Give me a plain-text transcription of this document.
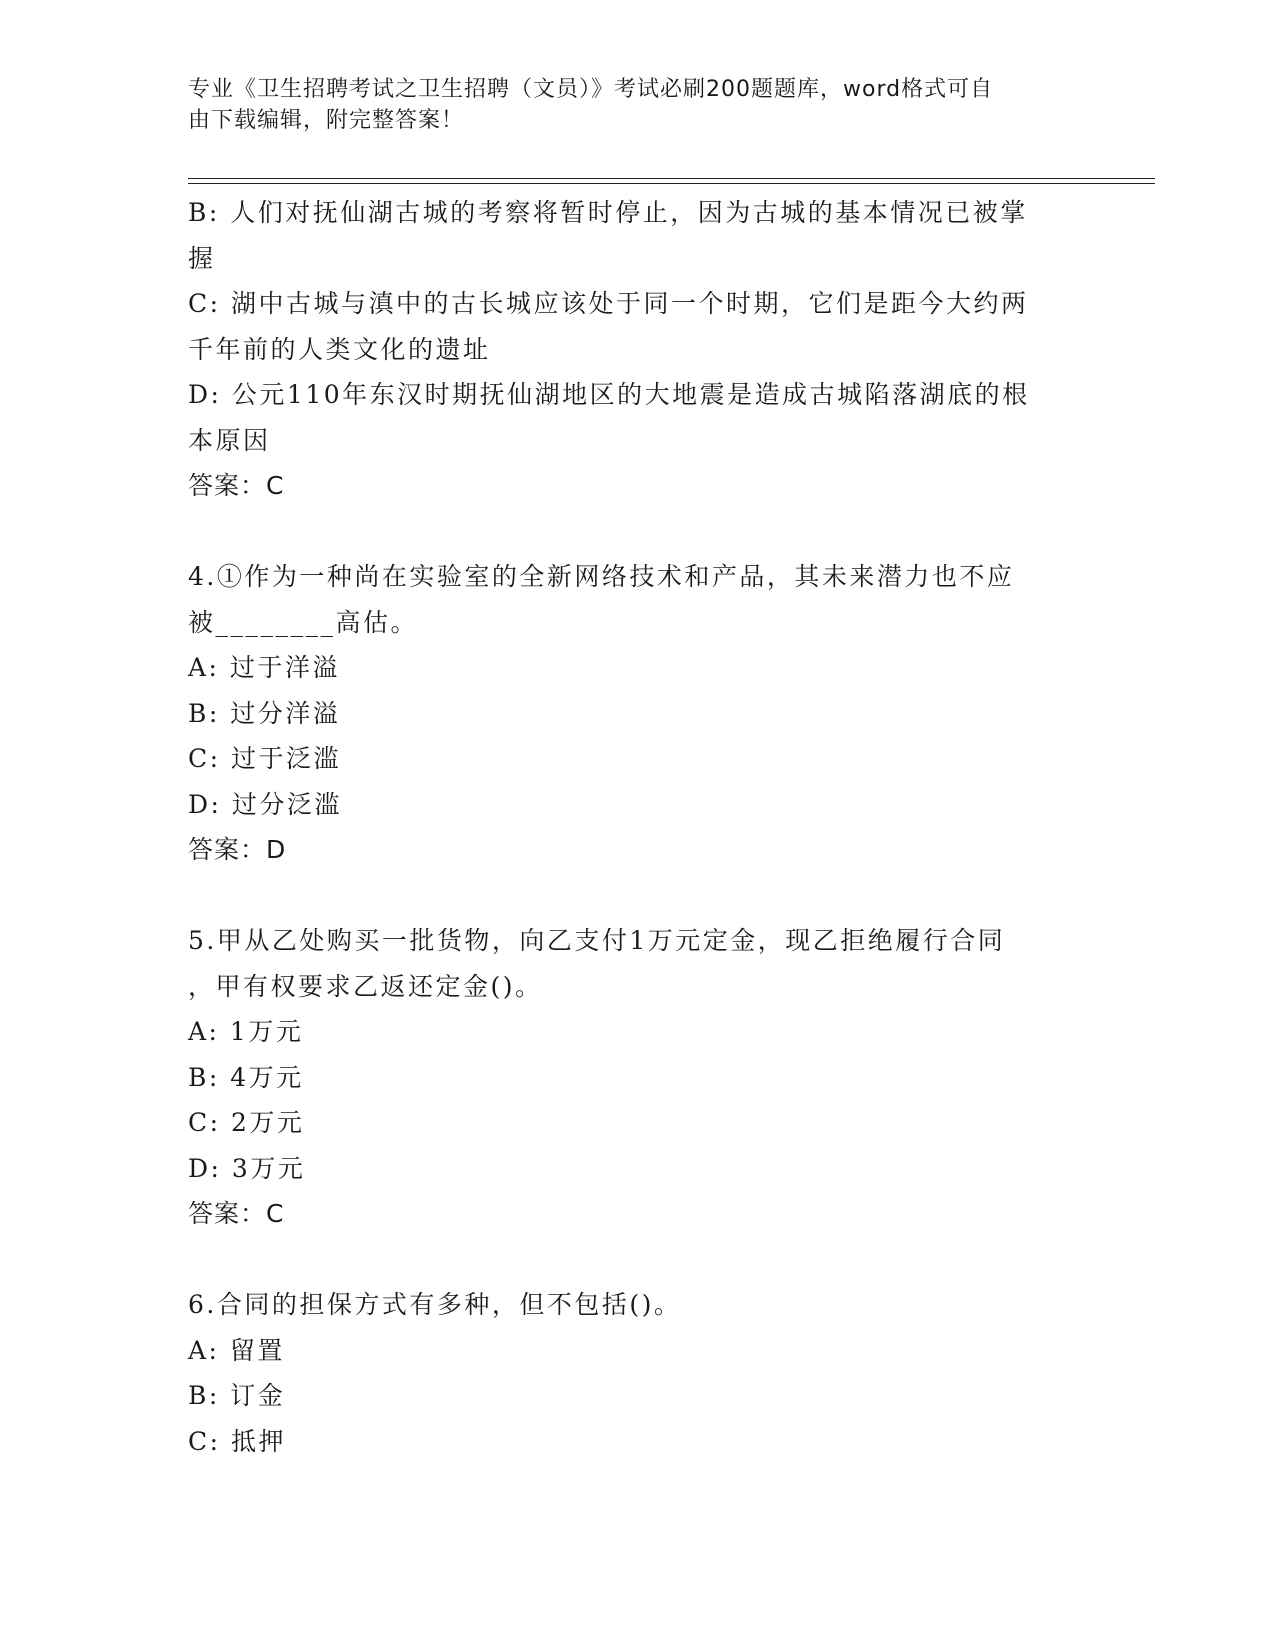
专业《卫生招聘考试之卫生招聘（文员）》考试必刷200题题库，word格式可自
由下载编辑，附完整答案！
B: 人们对抚仙湖古城的考察将暂时停止，因为古城的基本情况已被掌
握
C: 湖中古城与滇中的古长城应该处于同一个时期，它们是距今大约两
千年前的人类文化的遗址
D: 公元110年东汉时期抚仙湖地区的大地震是造成古城陷落湖底的根
本原因
答案：C
4.①作为一种尚在实验室的全新网络技术和产品，其未来潜力也不应
被________高估。
A: 过于洋溢
B: 过分洋溢
C: 过于泛滥
D: 过分泛滥
答案：D
5.甲从乙处购买一批货物，向乙支付1万元定金，现乙拒绝履行合同
，甲有权要求乙返还定金()。
A: 1万元
B: 4万元
C: 2万元
D: 3万元
答案：C
6.合同的担保方式有多种，但不包括()。
A: 留置
B: 订金
C: 抵押
